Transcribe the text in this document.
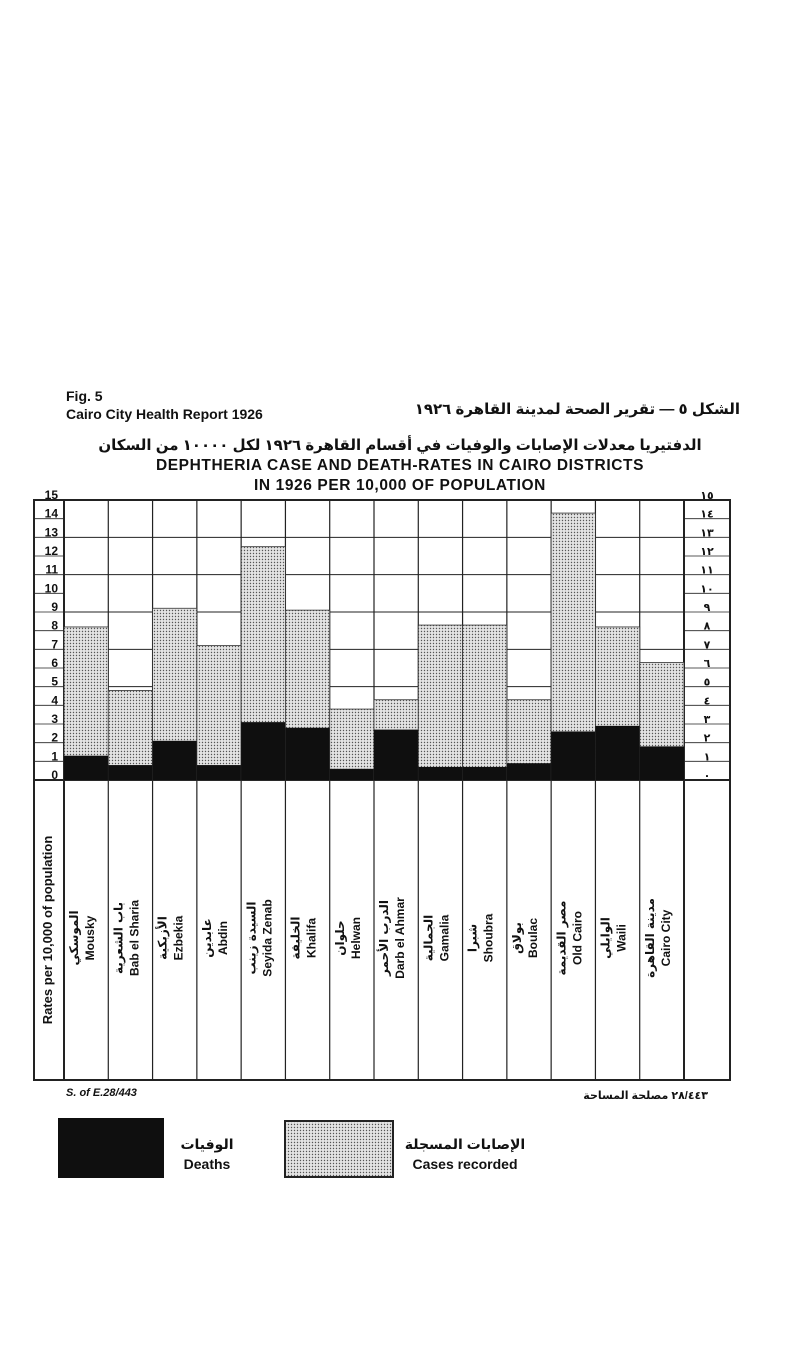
Fig. 5
Cairo City Health Report 1926	الشكل ٥ — تقرير الصحة لمدينة القاهرة ١٩٢٦
الدفتيريا معدلات الإصابات والوفيات في أقسام القاهرة ١٩٢٦ لكل ١٠٠٠٠ من السكان
DEPHTHERIA CASE AND DEATH-RATES IN CAIRO DISTRICTS
IN 1926 PER 10,000 OF POPULATION
0	٠
1	١
2	٢
3	٣
4	٤
5	٥
6	٦
7	٧
8	٨
9	٩
10	١٠
11	١١
12	١٢
13	١٣
14	١٤
15	١٥
Rates per 10,000 of population Mousky
الموسكي	Bab el Sharia
باب الشعرية	Ezbekia
الأزبكية	Abdin
عابدين	Seyida Zenab
السيدة زينب	Khalifa
الخليفة	Helwan
حلوان	Darb el Ahmar
الدرب الأحمر	Gamalia
الجمالية	Shoubra
شبرا	Boulac
بولاق	Old Cairo
مصر القديمة	Waili
الوايلي	Cairo City
مدينة القاهرة
S. of E.28/443	٢٨/٤٤٣ مصلحة المساحة
الوفيات
Deaths
الإصابات المسجلة
Cases recorded
